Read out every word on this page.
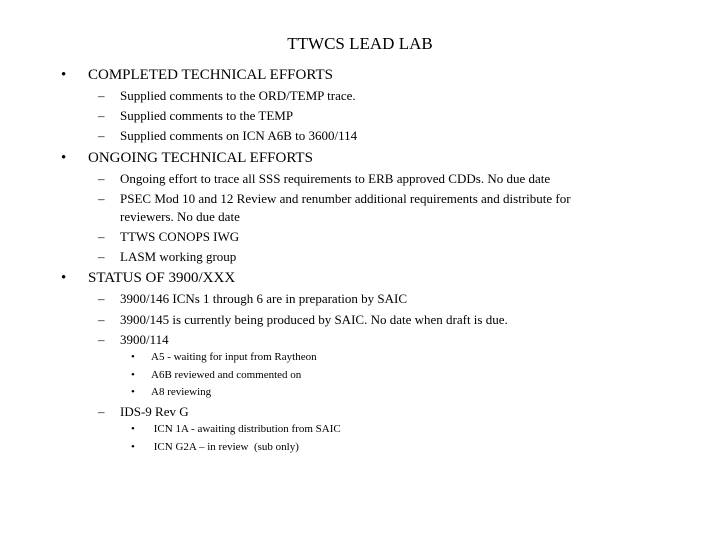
TTWCS LEAD LAB
• COMPLETED TECHNICAL EFFORTS
– Supplied comments to the ORD/TEMP trace.
– Supplied comments to the TEMP
– Supplied comments on ICN A6B to 3600/114
• ONGOING TECHNICAL EFFORTS
– Ongoing effort to trace all SSS requirements to ERB approved CDDs. No due date
– PSEC Mod 10 and 12 Review and renumber additional requirements and distribute for reviewers. No due date
– TTWS CONOPS IWG
– LASM working group
• STATUS OF 3900/XXX
– 3900/146 ICNs 1 through 6 are in preparation by SAIC
– 3900/145 is currently being produced by SAIC. No date when draft is due.
– 3900/114
• A5 - waiting for input from Raytheon
• A6B reviewed and commented on
• A8 reviewing
– IDS-9 Rev G
• ICN 1A - awaiting distribution from SAIC
• ICN G2A – in review  (sub only)
